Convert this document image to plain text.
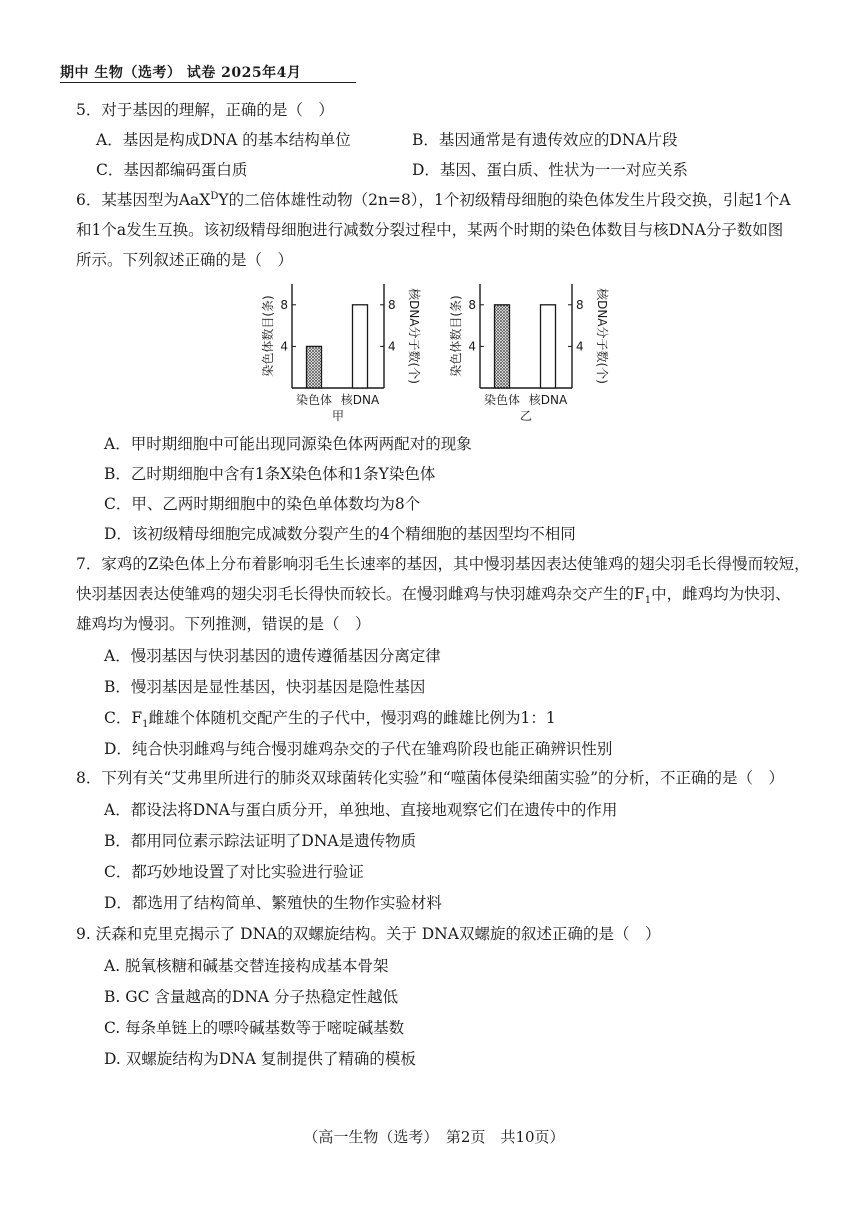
期中 生物（选考） 试卷 2025年4月
5．对于基因的理解，正确的是（　）
A．基因是构成DNA 的基本结构单位	B．基因通常是有遗传效应的DNA片段
C．基因都编码蛋白质	D．基因、蛋白质、性状为一一对应关系
6．某基因型为AaX$^D$Y的二倍体雄性动物（2n=8），1个初级精母细胞的染色体发生片段交换，引起1个A
和1个a发生互换。该初级精母细胞进行减数分裂过程中，某两个时期的染色体数目与核DNA分子数如图
所示。下列叙述正确的是（　）
染色体数目(条)	核DNA分子数(个)
4	4
8	8
染色体 核DNA
甲
染色体数目(条)	核DNA分子数(个)
4	4
8	8
染色体 核DNA
乙
A．甲时期细胞中可能出现同源染色体两两配对的现象
B．乙时期细胞中含有1条X染色体和1条Y染色体
C．甲、乙两时期细胞中的染色单体数均为8个
D．该初级精母细胞完成减数分裂产生的4个精细胞的基因型均不相同
7．家鸡的Z染色体上分布着影响羽毛生长速率的基因，其中慢羽基因表达使雏鸡的翅尖羽毛长得慢而较短，
快羽基因表达使雏鸡的翅尖羽毛长得快而较长。在慢羽雌鸡与快羽雄鸡杂交产生的$F_1$中，雌鸡均为快羽、
雄鸡均为慢羽。下列推测，错误的是（　）
A．慢羽基因与快羽基因的遗传遵循基因分离定律
B．慢羽基因是显性基因，快羽基因是隐性基因
C．$F_1$雌雄个体随机交配产生的子代中，慢羽鸡的雌雄比例为1：1
D．纯合快羽雌鸡与纯合慢羽雄鸡杂交的子代在雏鸡阶段也能正确辨识性别
8．下列有关“艾弗里所进行的肺炎双球菌转化实验”和“噬菌体侵染细菌实验”的分析，不正确的是（　）
A．都设法将DNA与蛋白质分开，单独地、直接地观察它们在遗传中的作用
B．都用同位素示踪法证明了DNA是遗传物质
C．都巧妙地设置了对比实验进行验证
D．都选用了结构简单、繁殖快的生物作实验材料
9. 沃森和克里克揭示了 DNA的双螺旋结构。关于 DNA双螺旋的叙述正确的是（　）
A. 脱氧核糖和碱基交替连接构成基本骨架
B. GC 含量越高的DNA 分子热稳定性越低
C. 每条单链上的嘌呤碱基数等于嘧啶碱基数
D. 双螺旋结构为DNA 复制提供了精确的模板
（高一生物（选考）　第2页　共10页）
